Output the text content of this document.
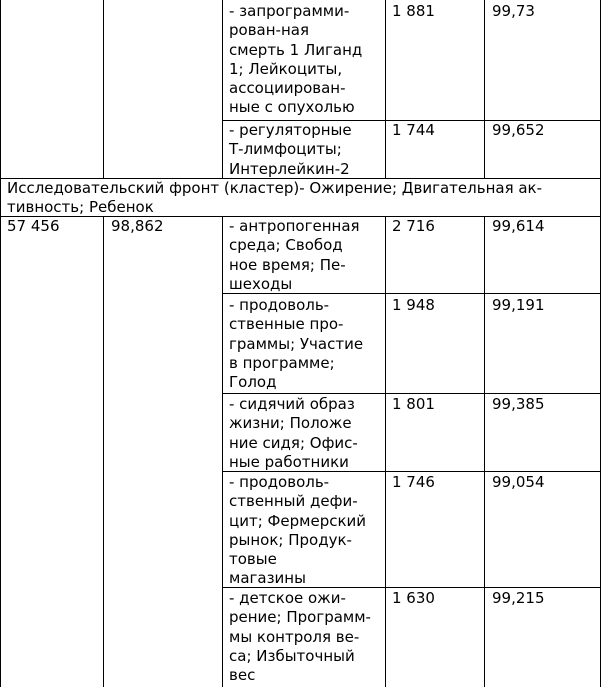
- запрограмми-
рован-ная
смерть 1 Лиганд
1; Лейкоциты,
ассоциирован-
ные с опухолью
1 881	99,73
- регуляторные
Т-лимфоциты;
Интерлейкин-2
1 744	99,652
Исследовательский фронт (кластер)- Ожирение; Двигательная ак-
тивность; Ребенок
57 456	98,862	- антропогенная
среда; Свобод
ное время; Пе-
шеходы
2 716	99,614
- продоволь-
ственные про-
граммы; Участие
в программе;
Голод
1 948	99,191
- сидячий образ
жизни; Положе
ние сидя; Офис-
ные работники
1 801	99,385
- продоволь-
ственный дефи-
цит; Фермерский
рынок; Продук-
товые
магазины
1 746	99,054
- детское ожи-
рение; Программ-
мы контроля ве-
са; Избыточный
вес
1 630	99,215
